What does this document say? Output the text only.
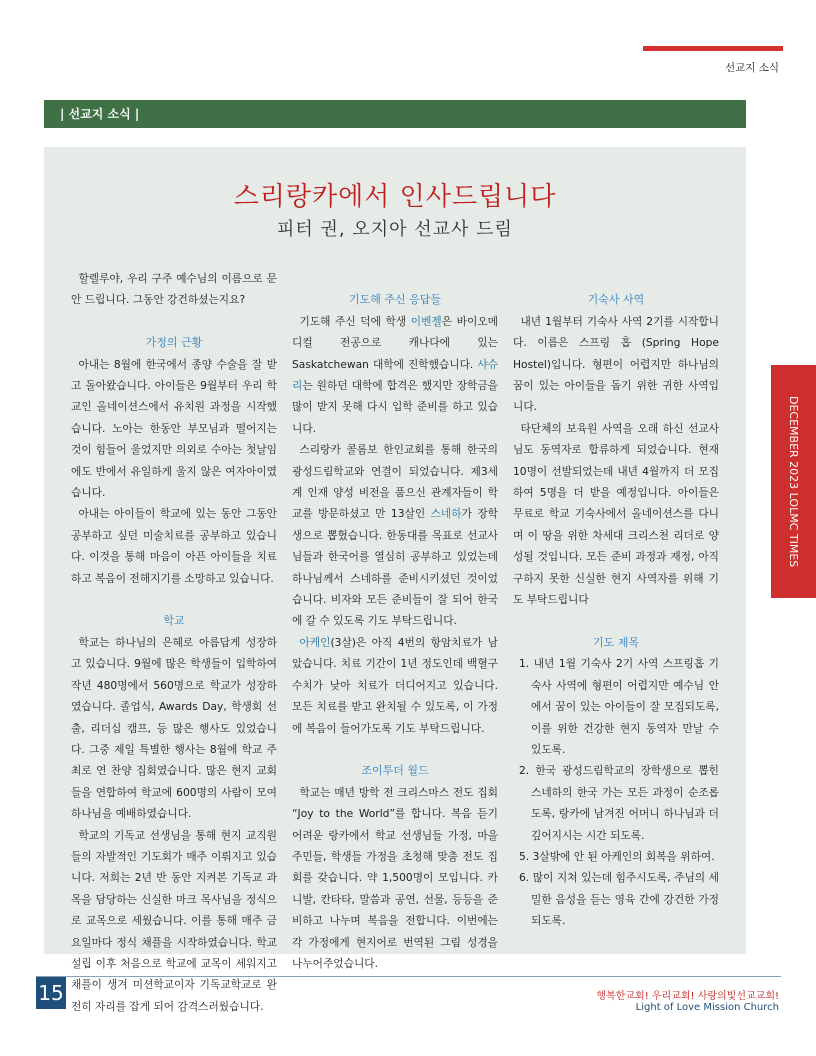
선교지 소식
| 선교지 소식 |
스리랑카에서 인사드립니다
피터 권, 오지아 선교사 드림

할렐루야, 우리 구주 예수님의 이름으로 문안 드립니다. 그동안 강건하셨는지요?

가정의 근황

아내는 8월에 한국에서 종양 수술을 잘 받고 돌아왔습니다. 아이들은 9월부터 우리 학교인 올네이션스에서 유치원 과정을 시작했습니다. 노아는 한동안 부모님과 떨어지는 것이 힘들어 울었지만 의외로 수아는 첫날임에도 반에서 유일하게 울지 않은 여자아이였습니다.

아내는 아이들이 학교에 있는 동안 그동안 공부하고 싶던 미술치료를 공부하고 있습니다. 이것을 통해 마음이 아픈 아이들을 치료하고 복음이 전해지기를 소망하고 있습니다.

학교

학교는 하나님의 은혜로 아름답게 성장하고 있습니다. 9월에 많은 학생들이 입학하여 작년 480명에서 560명으로 학교가 성장하였습니다. 졸업식, Awards Day, 학생회 선출, 리더십 캠프, 등 많은 행사도 있었습니다. 그중 제일 특별한 행사는 8월에 학교 주최로 연 찬양 집회였습니다. 많은 현지 교회들을 연합하여 학교에 600명의 사람이 모여 하나님을 예배하였습니다.

학교의 기독교 선생님을 통해 현지 교직원들의 자발적인 기도회가 매주 이뤄지고 있습니다. 저희는 2년 반 동안 지켜본 기독교 과목을 담당하는 신실한 마크 목사님을 정식으로 교목으로 세웠습니다. 이를 통해 매주 금요일마다 정식 채플을 시작하였습니다. 학교 설립 이후 처음으로 학교에 교목이 세워지고 채플이 생겨 미션학교이자 기독교학교로 완전히 자리를 잡게 되어 감격스러웠습니다.

기도해 주신 응답들

기도해 주신 덕에 학생 이벤젤은 바이오메디컬 전공으로 캐나다에 있는 Saskatchewan 대학에 진학했습니다. 샤슈리는 원하던 대학에 합격은 했지만 장학금을 많이 받지 못해 다시 입학 준비를 하고 있습니다.

스리랑카 콜롬보 한인교회를 통해 한국의 광성드림학교와 연결이 되었습니다. 제3세계 인재 양성 비전을 품으신 관계자들이 학교를 방문하셨고 만 13살인 스네하가 장학생으로 뽑혔습니다. 한동대를 목표로 선교사님들과 한국어를 열심히 공부하고 있었는데 하나님께서 스네하를 준비시키셨던 것이었습니다. 비자와 모든 준비들이 잘 되어 한국에 갈 수 있도록 기도 부탁드립니다.

아케인(3살)은 아직 4번의 항암치료가 남았습니다. 치료 기간이 1년 정도인데 백혈구 수치가 낮아 치료가 더디어지고 있습니다. 모든 치료를 받고 완치될 수 있도록, 이 가정에 복음이 들어가도록 기도 부탁드립니다.

조이투더 월드

학교는 매년 방학 전 크리스마스 전도 집회 “Joy to the World”를 합니다. 복음 듣기 어려운 랑카에서 학교 선생님들 가정, 마을 주민들, 학생들 가정을 초청해 맞춤 전도 집회를 갖습니다. 약 1,500명이 모입니다. 카니발, 칸타타, 말씀과 공연, 선물, 등등을 준비하고 나누며 복음을 전합니다. 이번에는 각 가정에게 현지어로 번역된 그림 성경을 나누어주었습니다.

기숙사 사역

내년 1월부터 기숙사 사역 2기를 시작합니다. 이름은 스프링 홉 (Spring Hope Hostel)입니다. 형편이 어렵지만 하나님의 꿈이 있는 아이들을 돕기 위한 귀한 사역입니다.

타단체의 보육원 사역을 오래 하신 선교사님도 동역자로 합류하게 되었습니다. 현재 10명이 선발되었는데 내년 4월까지 더 모집하여 5명을 더 받을 예정입니다. 아이들은 무료로 학교 기숙사에서 올네이션스를 다니며 이 땅을 위한 차세대 크리스천 리더로 양성될 것입니다. 모든 준비 과정과 재정, 아직 구하지 못한 신실한 현지 사역자를 위해 기도 부탁드립니다

기도 제목
1. 내년 1월 기숙사 2기 사역 스프링홉 기숙사 사역에 형편이 어렵지만 예수님 안에서 꿈이 있는 아이들이 잘 모집되도록, 이를 위한 건강한 현지 동역자 만날 수 있도록.
2. 한국 광성드림학교의 장학생으로 뽑힌 스네하의 한국 가는 모든 과정이 순조롭도록, 랑카에 남겨진 어머니 하나님과 더 깊어지시는 시간 되도록.
5. 3살밖에 안 된 아케인의 회복을 위하여.
6. 많이 지쳐 있는데 힘주시도록, 주님의 세밀한 음성을 듣는 영육 간에 강건한 가정 되도록.
DECEMBER 2023 LOLMC TIMES
15	행복한교회! 우리교회! 사랑의빛선교교회!
Light of Love Mission Church
